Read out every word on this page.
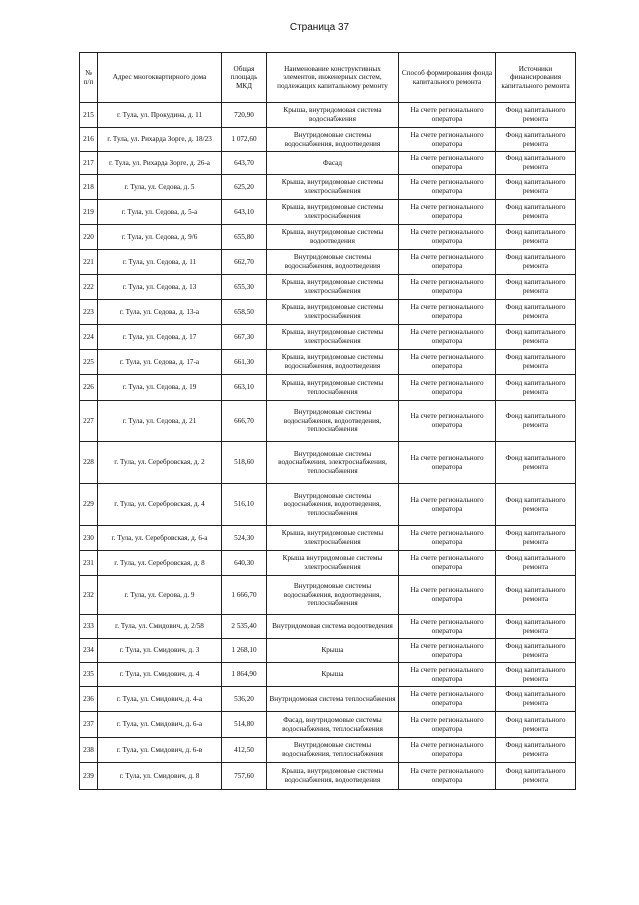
Страница 37
№ п/п	Адрес многоквартирного дома	Общая площадь МКД	Наименование конструктивных элементов, инженерных систем, подлежащих капитальному ремонту	Способ формирования фонда капитального ремонта	Источники финансирования капитального ремонта
215	г. Тула, ул. Прокудина, д. 11	720,90	Крыша, внутридомовая система водоснабжения	На счете регионального оператора	Фонд капитального ремонта
216	г. Тула, ул. Рихарда Зорге, д. 18/23	1 072,60	Внутридомовые системы водоснабжения, водоотведения	На счете регионального оператора	Фонд капитального ремонта
217	г. Тула, ул. Рихарда Зорге, д. 26-а	643,70	Фасад	На счете регионального оператора	Фонд капитального ремонта
218	г. Тула, ул. Седова, д. 5	625,20	Крыша, внутридомовые системы электроснабжения	На счете регионального оператора	Фонд капитального ремонта
219	г. Тула, ул. Седова, д. 5-а	643,10	Крыша, внутридомовые системы электроснабжения	На счете регионального оператора	Фонд капитального ремонта
220	г. Тула, ул. Седова, д. 9/6	655,80	Крыша, внутридомовые системы водоотведения	На счете регионального оператора	Фонд капитального ремонта
221	г. Тула, ул. Седова, д. 11	662,70	Внутридомовые системы водоснабжения, водоотведения	На счете регионального оператора	Фонд капитального ремонта
222	г. Тула, ул. Седова, д. 13	655,30	Крыша, внутридомовые системы электроснабжения	На счете регионального оператора	Фонд капитального ремонта
223	г. Тула, ул. Седова, д. 13-а	658,50	Крыша, внутридомовые системы электроснабжения	На счете регионального оператора	Фонд капитального ремонта
224	г. Тула, ул. Седова, д. 17	667,30	Крыша, внутридомовые системы электроснабжения	На счете регионального оператора	Фонд капитального ремонта
225	г. Тула, ул. Седова, д. 17-а	661,30	Крыша, внутридомовые системы водоснабжения, водоотведения	На счете регионального оператора	Фонд капитального ремонта
226	г. Тула, ул. Седова, д. 19	663,10	Крыша, внутридомовые системы теплоснабжения	На счете регионального оператора	Фонд капитального ремонта
227	г. Тула, ул. Седова, д. 21	666,70	Внутридомовые системы водоснабжения, водоотведения, теплоснабжения	На счете регионального оператора	Фонд капитального ремонта
228	г. Тула, ул. Серебровская, д. 2	518,60	Внутридомовые системы водоснабжения, электроснабжения, теплоснабжения	На счете регионального оператора	Фонд капитального ремонта
229	г. Тула, ул. Серебровская, д. 4	516,10	Внутридомовые системы водоснабжения, водоотведения, теплоснабжения	На счете регионального оператора	Фонд капитального ремонта
230	г. Тула, ул. Серебровская, д. 6-а	524,30	Крыша, внутридомовые системы электроснабжения	На счете регионального оператора	Фонд капитального ремонта
231	г. Тула, ул. Серебровская, д. 8	640,30	Крыша внутридомовые системы электроснабжения	На счете регионального оператора	Фонд капитального ремонта
232	г. Тула, ул. Серова, д. 9	1 666,70	Внутридомовые системы водоснабжения, водоотведения, теплоснабжения	На счете регионального оператора	Фонд капитального ремонта
233	г. Тула, ул. Смидович, д. 2/58	2 535,40	Внутридомовая система водоотведения	На счете регионального оператора	Фонд капитального ремонта
234	г. Тула, ул. Смидович, д. 3	1 268,10	Крыша	На счете регионального оператора	Фонд капитального ремонта
235	г. Тула, ул. Смидович, д. 4	1 864,90	Крыша	На счете регионального оператора	Фонд капитального ремонта
236	г. Тула, ул. Смидович, д. 4-а	536,20	Внутридомовая система теплоснабжения	На счете регионального оператора	Фонд капитального ремонта
237	г. Тула, ул. Смидович, д. 6-а	514,80	Фасад, внутридомовые системы водоснабжения, теплоснабжения	На счете регионального оператора	Фонд капитального ремонта
238	г. Тула, ул. Смидович, д. 6-в	412,50	Внутридомовые системы водоснабжения, теплоснабжения	На счете регионального оператора	Фонд капитального ремонта
239	г. Тула, ул. Смидович, д. 8	757,60	Крыша, внутридомовые системы водоснабжения, водоотведения	На счете регионального оператора	Фонд капитального ремонта
